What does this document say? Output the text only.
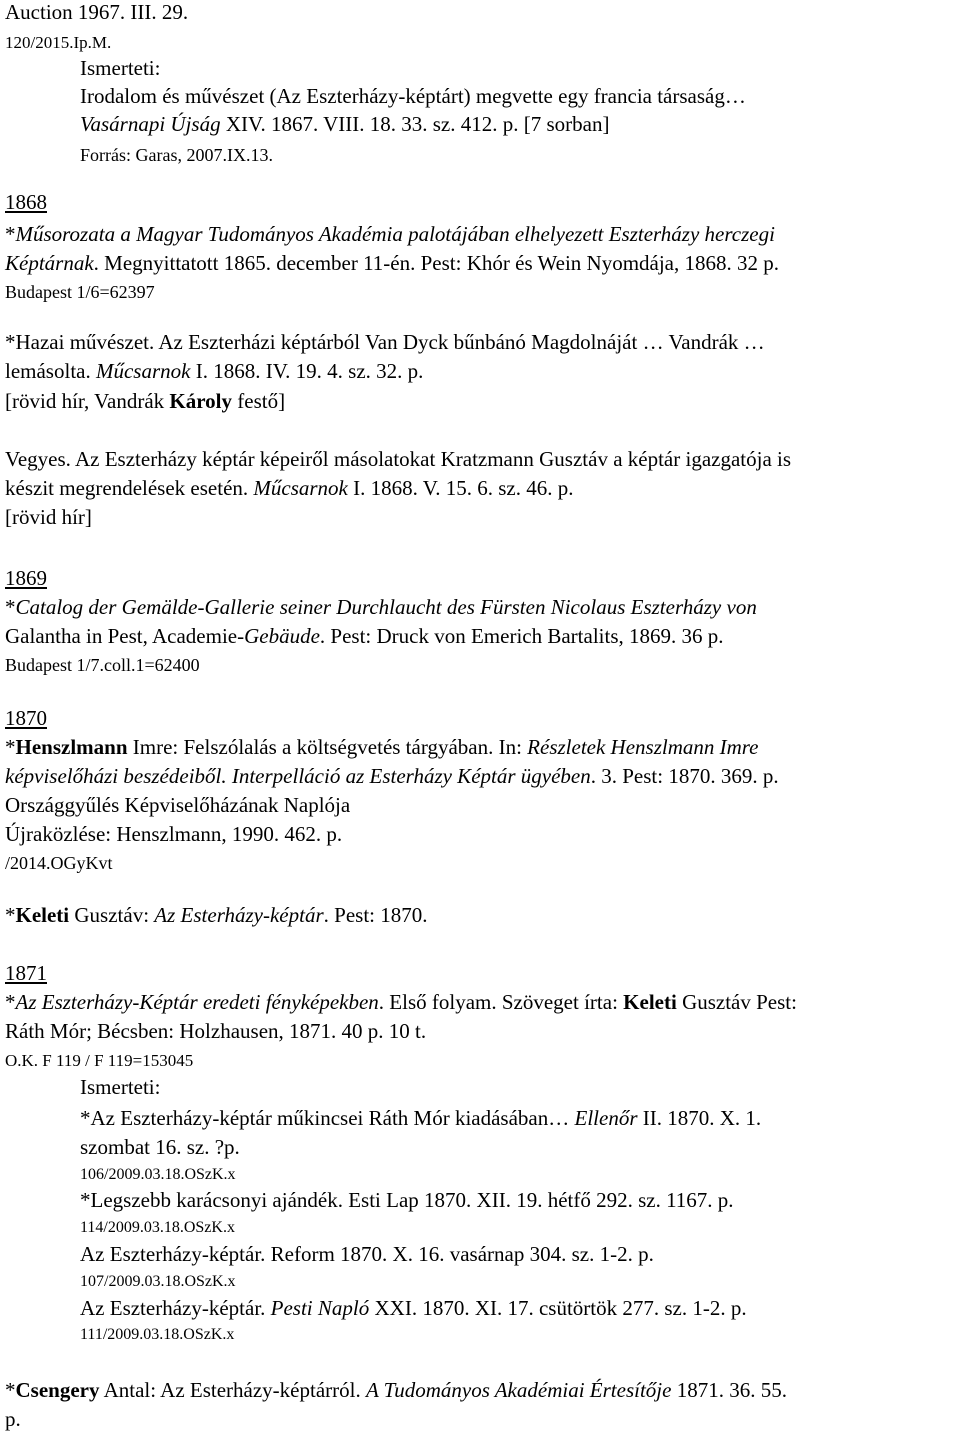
Auction 1967. III. 29.
120/2015.Ip.M.
Ismerteti:
Irodalom és művészet (Az Eszterházy-képtárt) megvette egy francia társaság…
Vasárnapi Újság XIV. 1867. VIII. 18. 33. sz. 412. p. [7 sorban]
Forrás: Garas, 2007.IX.13.
1868
*Műsorozata a Magyar Tudományos Akadémia palotájában elhelyezett Eszterházy herczegi
Képtárnak. Megnyittatott 1865. december 11-én. Pest: Khór és Wein Nyomdája, 1868. 32 p.
Budapest 1/6=62397
*Hazai művészet. Az Eszterházi képtárból Van Dyck bűnbánó Magdolnáját … Vandrák …
lemásolta. Műcsarnok I. 1868. IV. 19. 4. sz. 32. p.
[rövid hír, Vandrák Károly festő]
Vegyes. Az Eszterházy képtár képeiről másolatokat Kratzmann Gusztáv a képtár igazgatója is
készit megrendelések esetén. Műcsarnok I. 1868. V. 15. 6. sz. 46. p.
[rövid hír]
1869
*Catalog der Gemälde-Gallerie seiner Durchlaucht des Fürsten Nicolaus Eszterházy von
Galantha in Pest, Academie-Gebäude. Pest: Druck von Emerich Bartalits, 1869. 36 p.
Budapest 1/7.coll.1=62400
1870
*Henszlmann Imre: Felszólalás a költségvetés tárgyában. In: Részletek Henszlmann Imre
képviselőházi beszédeiből. Interpelláció az Esterházy Képtár ügyében. 3. Pest: 1870. 369. p.
Országgyűlés Képviselőházának Naplója
Újraközlése: Henszlmann, 1990. 462. p.
/2014.OGyKvt
*Keleti Gusztáv: Az Esterházy-képtár. Pest: 1870.
1871
*Az Eszterházy-Képtár eredeti fényképekben. Első folyam. Szöveget írta: Keleti Gusztáv Pest:
Ráth Mór; Bécsben: Holzhausen, 1871. 40 p. 10 t.
O.K. F 119 / F 119=153045
Ismerteti:
*Az Eszterházy-képtár műkincsei Ráth Mór kiadásában… Ellenőr II. 1870. X. 1.
szombat 16. sz. ?p.
106/2009.03.18.OSzK.x
*Legszebb karácsonyi ajándék. Esti Lap 1870. XII. 19. hétfő 292. sz. 1167. p.
114/2009.03.18.OSzK.x
Az Eszterházy-képtár. Reform 1870. X. 16. vasárnap 304. sz. 1-2. p.
107/2009.03.18.OSzK.x
Az Eszterházy-képtár. Pesti Napló XXI. 1870. XI. 17. csütörtök 277. sz. 1-2. p.
111/2009.03.18.OSzK.x
*Csengery Antal: Az Esterházy-képtárról. A Tudományos Akadémiai Értesítője 1871. 36. 55.
p.
